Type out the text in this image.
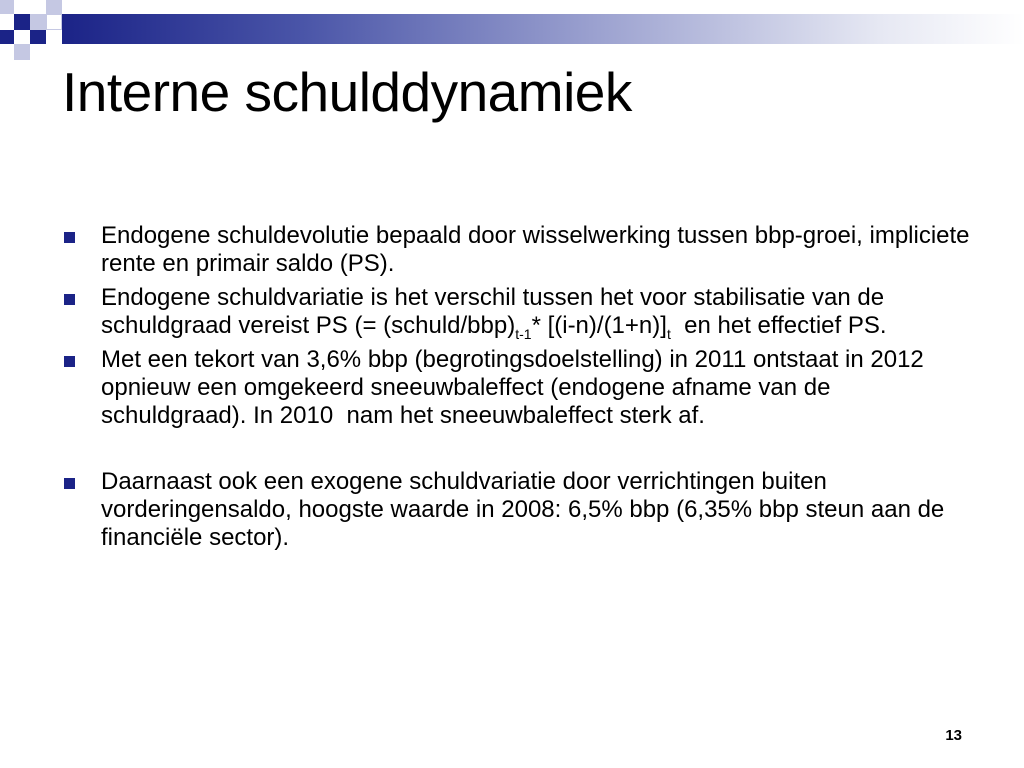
Interne schulddynamiek
Endogene schuldevolutie bepaald door wisselwerking tussen bbp-groei, impliciete rente en primair saldo (PS).
Endogene schuldvariatie is het verschil tussen het voor stabilisatie van de schuldgraad vereist PS (= $(schuld/bbp)_{t-1}*$ $[(i-n)/(1+n)]_t$  en het effectief PS.
Met een tekort van 3,6% bbp (begrotingsdoelstelling) in 2011 ontstaat in 2012 opnieuw een omgekeerd sneeuwbaleffect (endogene afname van de schuldgraad). In 2010  nam het sneeuwbaleffect sterk af.
Daarnaast ook een exogene schuldvariatie door verrichtingen buiten vorderingensaldo, hoogste waarde in 2008: 6,5% bbp (6,35% bbp steun aan de financiële sector).
13
